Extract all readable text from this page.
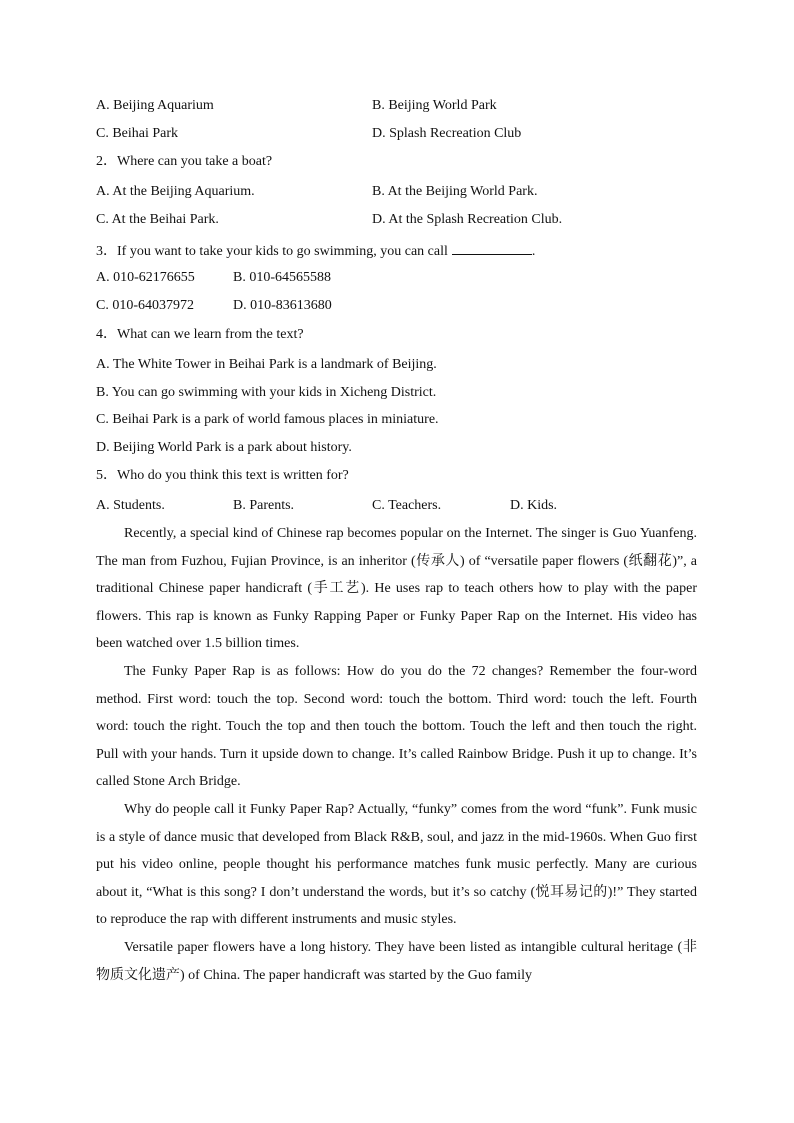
A. Beijing Aquarium	B. Beijing World Park
C. Beihai Park	D. Splash Recreation Club
2．Where can you take a boat?
A. At the Beijing Aquarium.	B. At the Beijing World Park.
C. At the Beihai Park.	D. At the Splash Recreation Club.
3．If you want to take your kids to go swimming, you can call	.
A. 010-62176655	B. 010-64565588
C. 010-64037972	D. 010-83613680
4．What can we learn from the text?
A. The White Tower in Beihai Park is a landmark of Beijing.
B. You can go swimming with your kids in Xicheng District.
C. Beihai Park is a park of world famous places in miniature.
D. Beijing World Park is a park about history.
5．Who do you think this text is written for?
A. Students.	B. Parents.	C. Teachers.	D. Kids.

Recently, a special kind of Chinese rap becomes popular on the Internet. The singer is Guo Yuanfeng. The man from Fuzhou, Fujian Province, is an inheritor (传承人) of “versatile paper flowers (纸翻花)”, a traditional Chinese paper handicraft (手工艺). He uses rap to teach others how to play with the paper flowers. This rap is known as Funky Rapping Paper or Funky Paper Rap on the Internet. His video has been watched over 1.5 billion times.

The Funky Paper Rap is as follows: How do you do the 72 changes? Remember the four-word method. First word: touch the top. Second word: touch the bottom. Third word: touch the left. Fourth word: touch the right. Touch the top and then touch the bottom. Touch the left and then touch the right. Pull with your hands. Turn it upside down to change. It’s called Rainbow Bridge. Push it up to change. It’s called Stone Arch Bridge.

Why do people call it Funky Paper Rap? Actually, “funky” comes from the word “funk”. Funk music is a style of dance music that developed from Black R&B, soul, and jazz in the mid-1960s. When Guo first put his video online, people thought his performance matches funk music perfectly. Many are curious about it, “What is this song? I don’t understand the words, but it’s so catchy (悦耳易记的)!” They started to reproduce the rap with different instruments and music styles.

Versatile paper flowers have a long history. They have been listed as intangible cultural heritage (非物质文化遗产) of China. The paper handicraft was started by the Guo family
